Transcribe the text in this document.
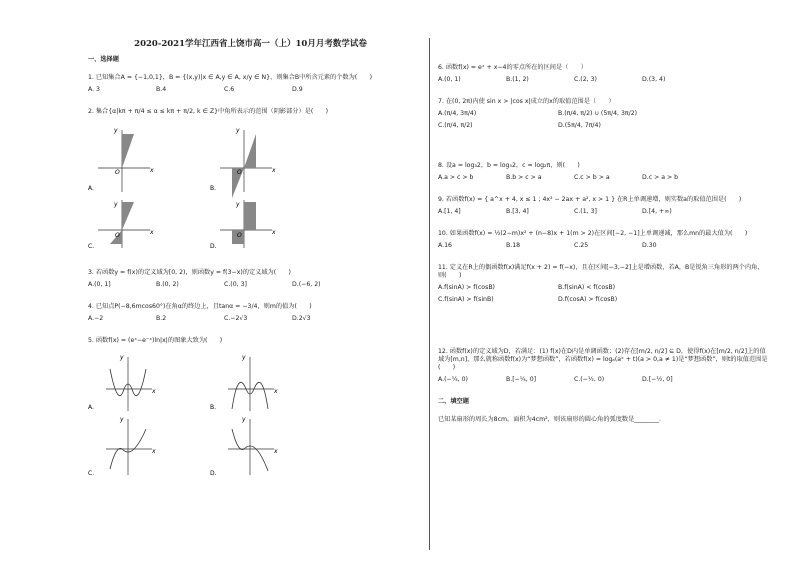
2020-2021学年江西省上饶市高一（上）10月月考数学试卷
一、选择题
1. 已知集合A = {−1,0,1}，B = {(x,y)|x ∈ A,y ∈ A, x/y ∈ N}，则集合B中所含元素的个数为(　　)
A. 3	B.4	C.6	D.9
2. 集合{α|kπ + π/4 ≤ α ≤ kπ + π/2, k ∈ Z}中角所表示的范围（阴影部分）是(　　)
y
x
O
A.
y
x
O
B.
y
x
O
C.
y
x
O
D.
3. 若函数y = f(x)的定义域为[0, 2)，则函数y = f(3−x)的定义域为(　　)
A.(0, 1]	B.(0, 2)	C.(0, 3]	D.(−6, 2)
4. 已知点P(−8,6mcos60°)在角α的终边上，且tanα = −3/4，则m的值为(　　)
A.−2	B.2	C.−2√3	D.2√3
5. 函数f(x) = (eˣ−e⁻ˣ)ln|x|的图象大致为(　　)
y
x
A.
y
x
B.
y
x
C.
y
x
D.
6. 函数f(x) = eˣ + x−4的零点所在的区间是（　　）
A.(0, 1)	B.(1, 2)	C.(2, 3)	D.(3, 4)
7. 在(0, 2π)内使 sin x > |cos x|成立的x的取值范围是（　　）
A.(π/4, 3π/4)	B.(π/4, π/2) ∪ (5π/4, 3π/2)
C.(π/4, π/2)	D.(5π/4, 7π/4)
8. 设a = log₃2，b = log₅2，c = log₂π，则(　　)
A.a > c > b	B.b > c > a	C.c > b > a	D.c > a > b
9. 若函数f(x) = { a^x + 4, x ≤ 1 ; 4x² − 2ax + a², x > 1 } 在R上单调递增，则实数a的取值范围是(　　)
A.[1, 4]	B.[3, 4]	C.(1, 3]	D.[4, +∞)
10. 如果函数f(x) = ½(2−m)x² + (n−8)x + 1(m > 2)在区间[−2, −1]上单调递减，那么mn的最大值为(　　)
A.16	B.18	C.25	D.30
11. 定义在R上的偶函数f(x)满足f(x + 2) = f(−x)，且在区间[−3,−2]上是增函数，若A，B是锐角三角形的两个内角，则(　　)
A.f(sinA) > f(cosB)	B.f(sinA) < f(cosB)
C.f(sinA) > f(sinB)	D.f(cosA) > f(cosB)
12. 函数f(x)的定义域为D，若满足：(1) f(x)在D内是单调函数；(2)存在[m/2, n/2] ⊆ D，使得f(x)在[m/2, n/2]上的值域为[m,n]，那么就称函数f(x)为“梦想函数”，若函数f(x) = logₐ(aˣ + t)(a > 0,a ≠ 1)是“梦想函数”，则t的取值范围是(　　)
A.(−¼, 0)	B.[−¼, 0]	C.(−½, 0)	D.[−½, 0]
二、填空题
已知某扇形的周长为8cm，面积为4cm²，则该扇形的圆心角的弧度数是________.
